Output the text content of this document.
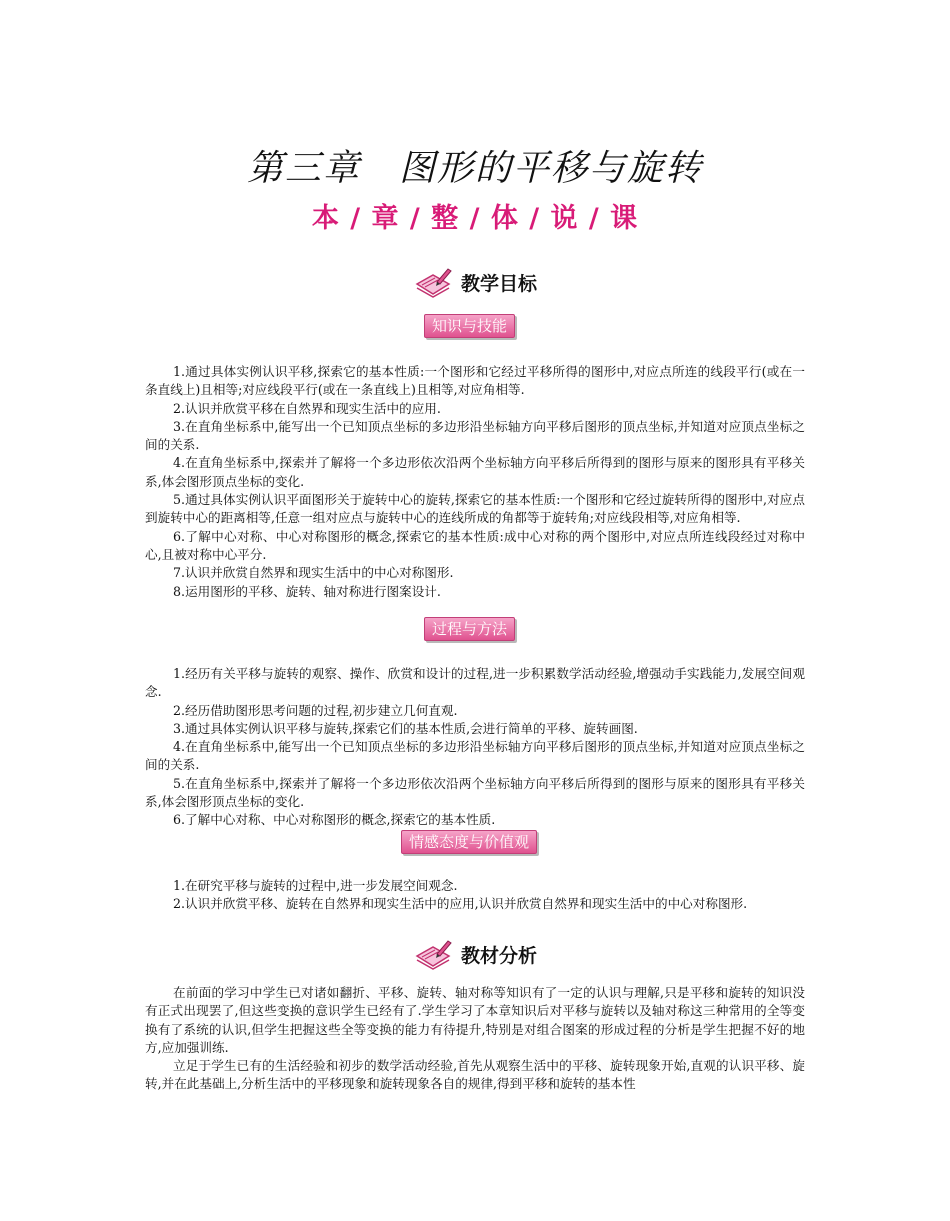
第三章　图形的平移与旋转
本 / 章 / 整 / 体 / 说 / 课
教学目标
知识与技能

1.通过具体实例认识平移,探索它的基本性质:一个图形和它经过平移所得的图形中,对应点所连的线段平行(或在一条直线上)且相等;对应线段平行(或在一条直线上)且相等,对应角相等.

2.认识并欣赏平移在自然界和现实生活中的应用.

3.在直角坐标系中,能写出一个已知顶点坐标的多边形沿坐标轴方向平移后图形的顶点坐标,并知道对应顶点坐标之间的关系.

4.在直角坐标系中,探索并了解将一个多边形依次沿两个坐标轴方向平移后所得到的图形与原来的图形具有平移关系,体会图形顶点坐标的变化.

5.通过具体实例认识平面图形关于旋转中心的旋转,探索它的基本性质:一个图形和它经过旋转所得的图形中,对应点到旋转中心的距离相等,任意一组对应点与旋转中心的连线所成的角都等于旋转角;对应线段相等,对应角相等.

6.了解中心对称、中心对称图形的概念,探索它的基本性质:成中心对称的两个图形中,对应点所连线段经过对称中心,且被对称中心平分.

7.认识并欣赏自然界和现实生活中的中心对称图形.

8.运用图形的平移、旋转、轴对称进行图案设计.

过程与方法

1.经历有关平移与旋转的观察、操作、欣赏和设计的过程,进一步积累数学活动经验,增强动手实践能力,发展空间观念.

2.经历借助图形思考问题的过程,初步建立几何直观.

3.通过具体实例认识平移与旋转,探索它们的基本性质,会进行简单的平移、旋转画图.

4.在直角坐标系中,能写出一个已知顶点坐标的多边形沿坐标轴方向平移后图形的顶点坐标,并知道对应顶点坐标之间的关系.

5.在直角坐标系中,探索并了解将一个多边形依次沿两个坐标轴方向平移后所得到的图形与原来的图形具有平移关系,体会图形顶点坐标的变化.

6.了解中心对称、中心对称图形的概念,探索它的基本性质.

情感态度与价值观

1.在研究平移与旋转的过程中,进一步发展空间观念.

2.认识并欣赏平移、旋转在自然界和现实生活中的应用,认识并欣赏自然界和现实生活中的中心对称图形.

教材分析

在前面的学习中学生已对诸如翻折、平移、旋转、轴对称等知识有了一定的认识与理解,只是平移和旋转的知识没有正式出现罢了,但这些变换的意识学生已经有了.学生学习了本章知识后对平移与旋转以及轴对称这三种常用的全等变换有了系统的认识,但学生把握这些全等变换的能力有待提升,特别是对组合图案的形成过程的分析是学生把握不好的地方,应加强训练.

立足于学生已有的生活经验和初步的数学活动经验,首先从观察生活中的平移、旋转现象开始,直观的认识平移、旋转,并在此基础上,分析生活中的平移现象和旋转现象各自的规律,得到平移和旋转的基本性
